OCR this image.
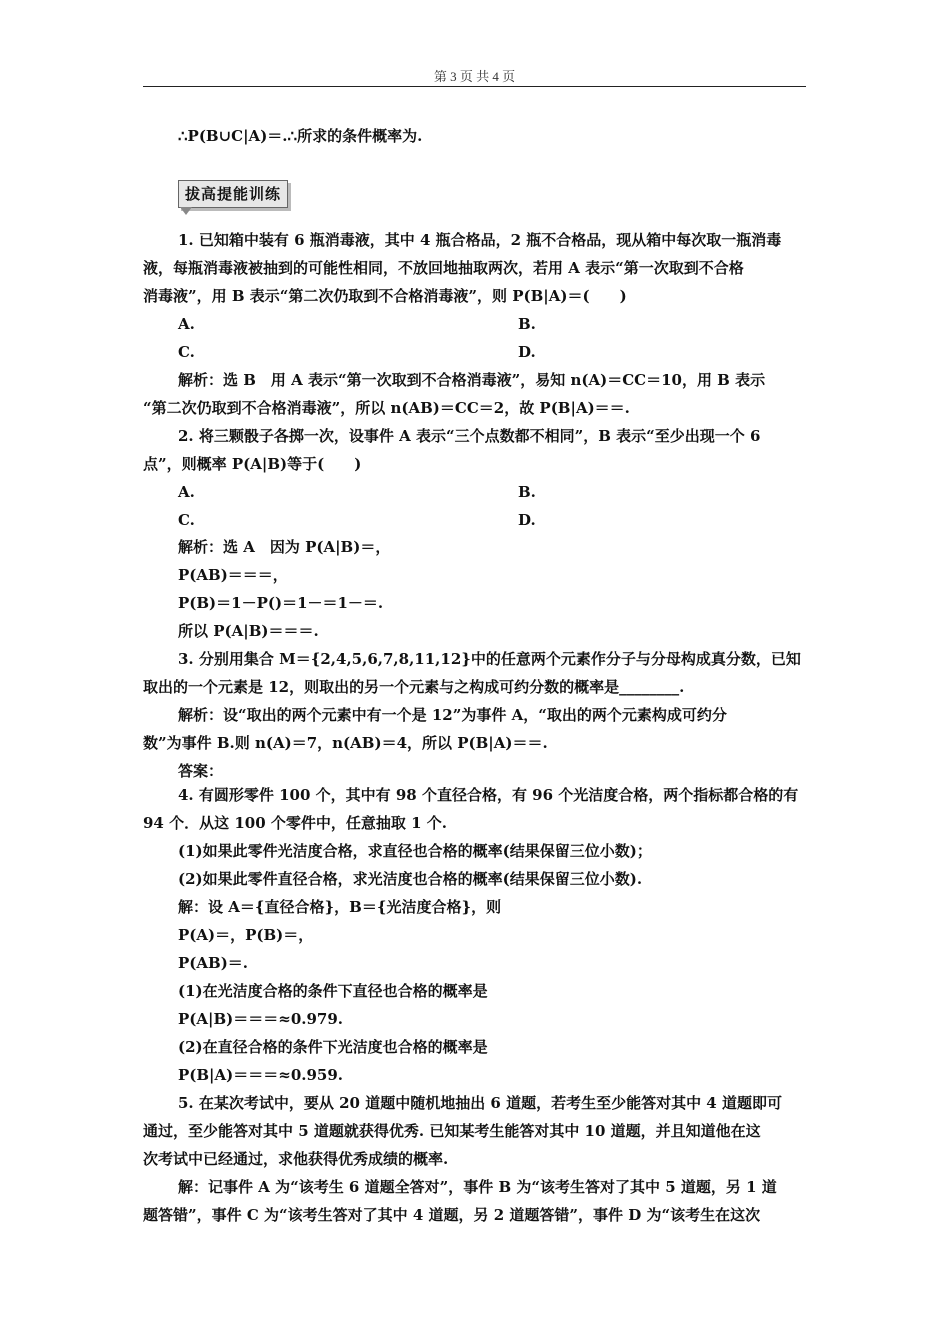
第 3 页 共 4 页
拔高提能训练
∴P(B∪C|A)＝.∴所求的条件概率为.
1. 已知箱中装有 6 瓶消毒液，其中 4 瓶合格品，2 瓶不合格品，现从箱中每次取一瓶消毒
液，每瓶消毒液被抽到的可能性相同，不放回地抽取两次，若用 A 表示“第一次取到不合格
消毒液”，用 B 表示“第二次仍取到不合格消毒液”，则 P(B|A)＝(　　)
A.	B.
C.	D.
解析：选 B　用 A 表示“第一次取到不合格消毒液”，易知 n(A)＝CC＝10，用 B 表示
“第二次仍取到不合格消毒液”，所以 n(AB)＝CC＝2，故 P(B|A)＝＝.
2. 将三颗骰子各掷一次，设事件 A 表示“三个点数都不相同”，B 表示“至少出现一个 6
点”，则概率 P(A|B)等于(　　)
A.	B.
C.	D.
解析：选 A　因为 P(A|B)＝，
P(AB)＝＝＝，
P(B)＝1－P()＝1－＝1－＝.
所以 P(A|B)＝＝＝.
3. 分别用集合 M＝{2,4,5,6,7,8,11,12}中的任意两个元素作分子与分母构成真分数，已知
取出的一个元素是 12，则取出的另一个元素与之构成可约分数的概率是________.
解析：设“取出的两个元素中有一个是 12”为事件 A，“取出的两个元素构成可约分
数”为事件 B.则 n(A)＝7，n(AB)＝4，所以 P(B|A)＝＝.
答案：
4. 有圆形零件 100 个，其中有 98 个直径合格，有 96 个光洁度合格，两个指标都合格的有
94 个．从这 100 个零件中，任意抽取 1 个.
(1)如果此零件光洁度合格，求直径也合格的概率(结果保留三位小数)；
(2)如果此零件直径合格，求光洁度也合格的概率(结果保留三位小数).
解：设 A＝{直径合格}，B＝{光洁度合格}，则
P(A)＝，P(B)＝，
P(AB)＝.
(1)在光洁度合格的条件下直径也合格的概率是
P(A|B)＝＝＝≈0.979.
(2)在直径合格的条件下光洁度也合格的概率是
P(B|A)＝＝＝≈0.959.
5. 在某次考试中，要从 20 道题中随机地抽出 6 道题，若考生至少能答对其中 4 道题即可
通过，至少能答对其中 5 道题就获得优秀. 已知某考生能答对其中 10 道题，并且知道他在这
次考试中已经通过，求他获得优秀成绩的概率.
解：记事件 A 为“该考生 6 道题全答对”，事件 B 为“该考生答对了其中 5 道题，另 1 道
题答错”，事件 C 为“该考生答对了其中 4 道题，另 2 道题答错”，事件 D 为“该考生在这次
